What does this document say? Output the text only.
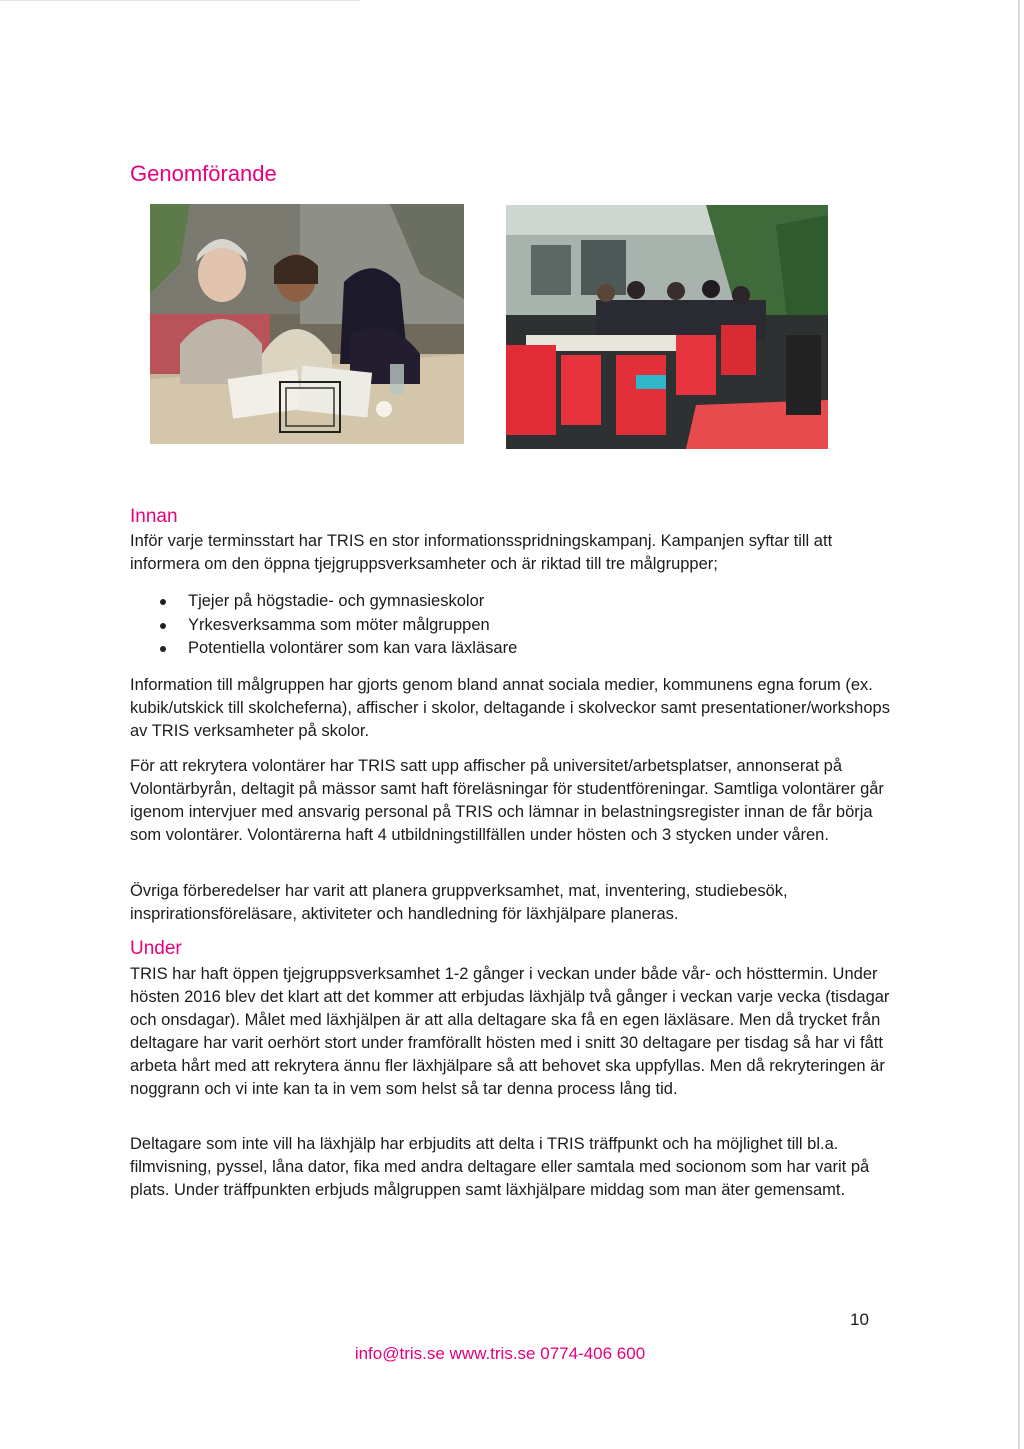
Genomförande
Innan

Inför varje terminsstart har TRIS en stor informationsspridningskampanj. Kampanjen syftar till att informera om den öppna tjejgruppsverksamheter och är riktad till tre målgrupper;

Tjejer på högstadie- och gymnasieskolor
Yrkesverksamma som möter målgruppen
Potentiella volontärer som kan vara läxläsare

Information till målgruppen har gjorts genom bland annat sociala medier, kommunens egna forum (ex. kubik/utskick till skolcheferna), affischer i skolor, deltagande i skolveckor samt presentationer/workshops av TRIS verksamheter på skolor.

För att rekrytera volontärer har TRIS satt upp affischer på universitet/arbetsplatser, annonserat på Volontärbyrån, deltagit på mässor samt haft föreläsningar för studentföreningar. Samtliga volontärer går igenom intervjuer med ansvarig personal på TRIS och lämnar in belastningsregister innan de får börja som volontärer. Volontärerna haft 4 utbildningstillfällen under hösten och 3 stycken under våren.

Övriga förberedelser har varit att planera gruppverksamhet, mat, inventering, studiebesök, insprirationsföreläsare, aktiviteter och handledning för läxhjälpare planeras.

Under

TRIS har haft öppen tjejgruppsverksamhet 1-2 gånger i veckan under både vår- och hösttermin. Under hösten 2016 blev det klart att det kommer att erbjudas läxhjälp två gånger i veckan varje vecka (tisdagar och onsdagar). Målet med läxhjälpen är att alla deltagare ska få en egen läxläsare. Men då trycket från deltagare har varit oerhört stort under framförallt hösten med i snitt 30 deltagare per tisdag så har vi fått arbeta hårt med att rekrytera ännu fler läxhjälpare så att behovet ska uppfyllas. Men då rekryteringen är noggrann och vi inte kan ta in vem som helst så tar denna process lång tid.

Deltagare som inte vill ha läxhjälp har erbjudits att delta i TRIS träffpunkt och ha möjlighet till bl.a. filmvisning, pyssel, låna dator, fika med andra deltagare eller samtala med socionom som har varit på plats. Under träffpunkten erbjuds målgruppen samt läxhjälpare middag som man äter gemensamt.

10
info@tris.se www.tris.se 0774-406 600
